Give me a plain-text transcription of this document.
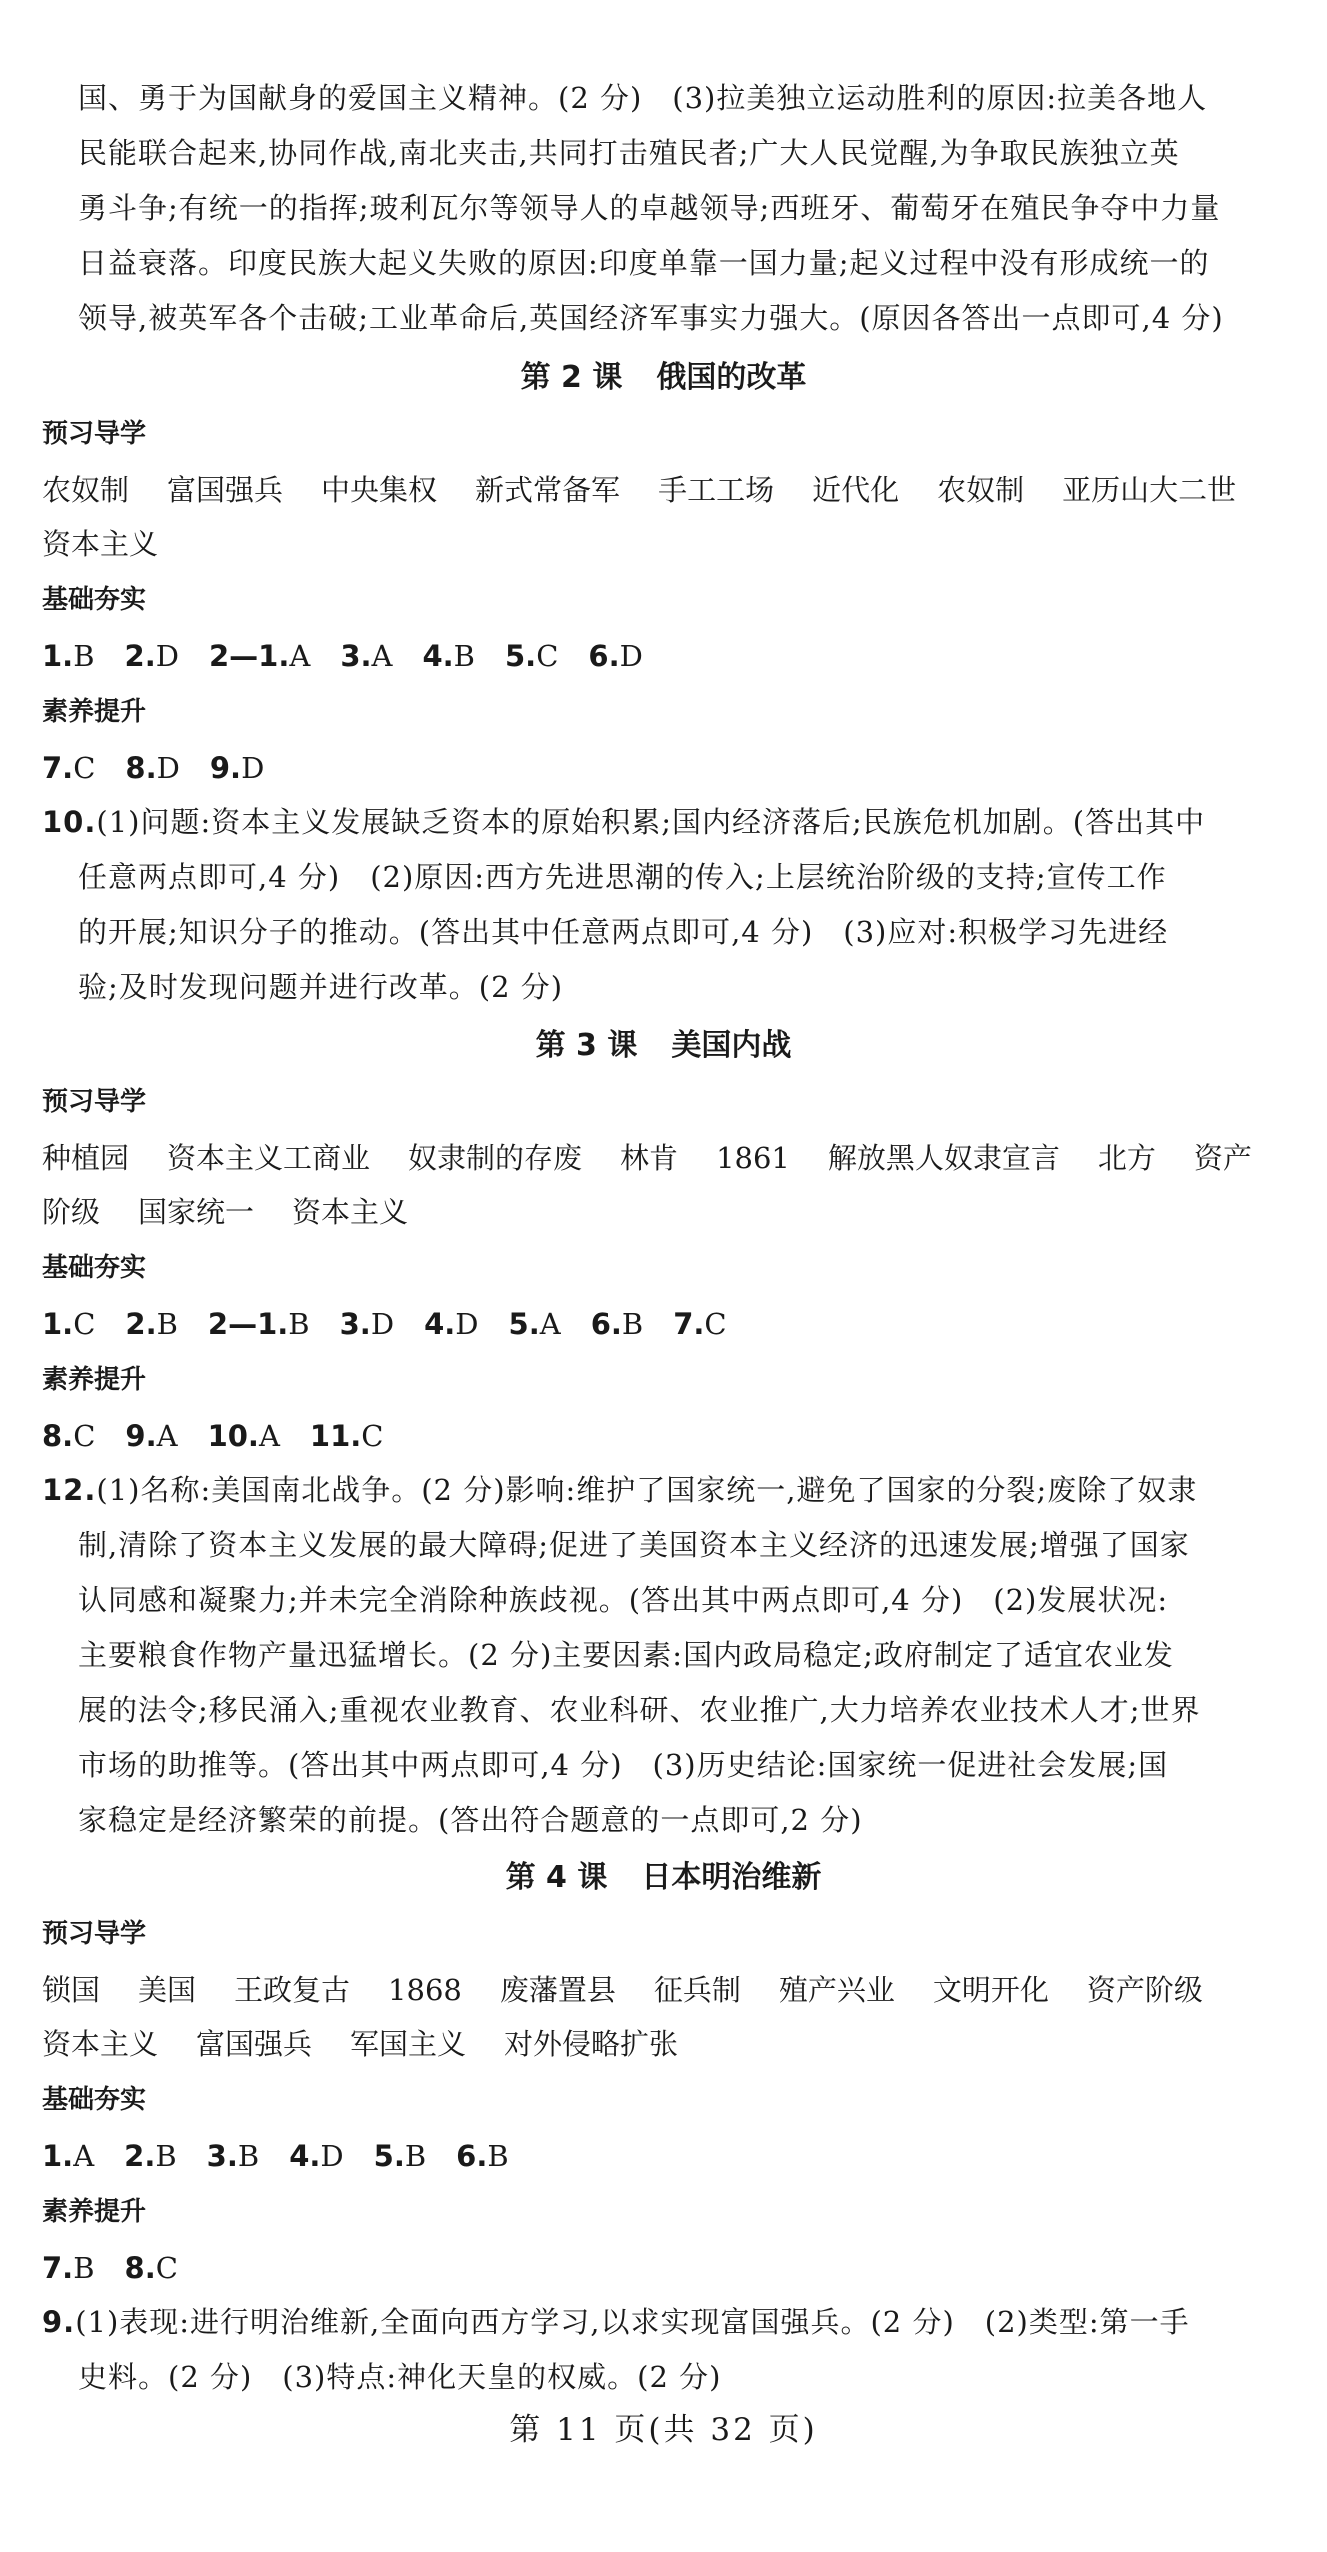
国、勇于为国献身的爱国主义精神。(2 分)　(3)拉美独立运动胜利的原因:拉美各地人
民能联合起来,协同作战,南北夹击,共同打击殖民者;广大人民觉醒,为争取民族独立英
勇斗争;有统一的指挥;玻利瓦尔等领导人的卓越领导;西班牙、葡萄牙在殖民争夺中力量
日益衰落。印度民族大起义失败的原因:印度单靠一国力量;起义过程中没有形成统一的
领导,被英军各个击破;工业革命后,英国经济军事实力强大。(原因各答出一点即可,4 分)
第 2 课 俄国的改革
预习导学
农奴制 富国强兵 中央集权 新式常备军 手工工场 近代化 农奴制 亚历山大二世
资本主义
基础夯实
1.B 2.D 2—1.A 3.A 4.B 5.C 6.D
素养提升
7.C 8.D 9.D
10.(1)问题:资本主义发展缺乏资本的原始积累;国内经济落后;民族危机加剧。(答出其中
任意两点即可,4 分)　(2)原因:西方先进思潮的传入;上层统治阶级的支持;宣传工作
的开展;知识分子的推动。(答出其中任意两点即可,4 分)　(3)应对:积极学习先进经
验;及时发现问题并进行改革。(2 分)
第 3 课 美国内战
预习导学
种植园 资本主义工商业 奴隶制的存废 林肯 1861 解放黑人奴隶宣言 北方 资产
阶级 国家统一 资本主义
基础夯实
1.C 2.B 2—1.B 3.D 4.D 5.A 6.B 7.C
素养提升
8.C 9.A 10.A 11.C
12.(1)名称:美国南北战争。(2 分)影响:维护了国家统一,避免了国家的分裂;废除了奴隶
制,清除了资本主义发展的最大障碍;促进了美国资本主义经济的迅速发展;增强了国家
认同感和凝聚力;并未完全消除种族歧视。(答出其中两点即可,4 分)　(2)发展状况:
主要粮食作物产量迅猛增长。(2 分)主要因素:国内政局稳定;政府制定了适宜农业发
展的法令;移民涌入;重视农业教育、农业科研、农业推广,大力培养农业技术人才;世界
市场的助推等。(答出其中两点即可,4 分)　(3)历史结论:国家统一促进社会发展;国
家稳定是经济繁荣的前提。(答出符合题意的一点即可,2 分)
第 4 课 日本明治维新
预习导学
锁国 美国 王政复古 1868 废藩置县 征兵制 殖产兴业 文明开化 资产阶级
资本主义 富国强兵 军国主义 对外侵略扩张
基础夯实
1.A 2.B 3.B 4.D 5.B 6.B
素养提升
7.B 8.C
9.(1)表现:进行明治维新,全面向西方学习,以求实现富国强兵。(2 分)　(2)类型:第一手
史料。(2 分)　(3)特点:神化天皇的权威。(2 分)
第 11 页(共 32 页)
